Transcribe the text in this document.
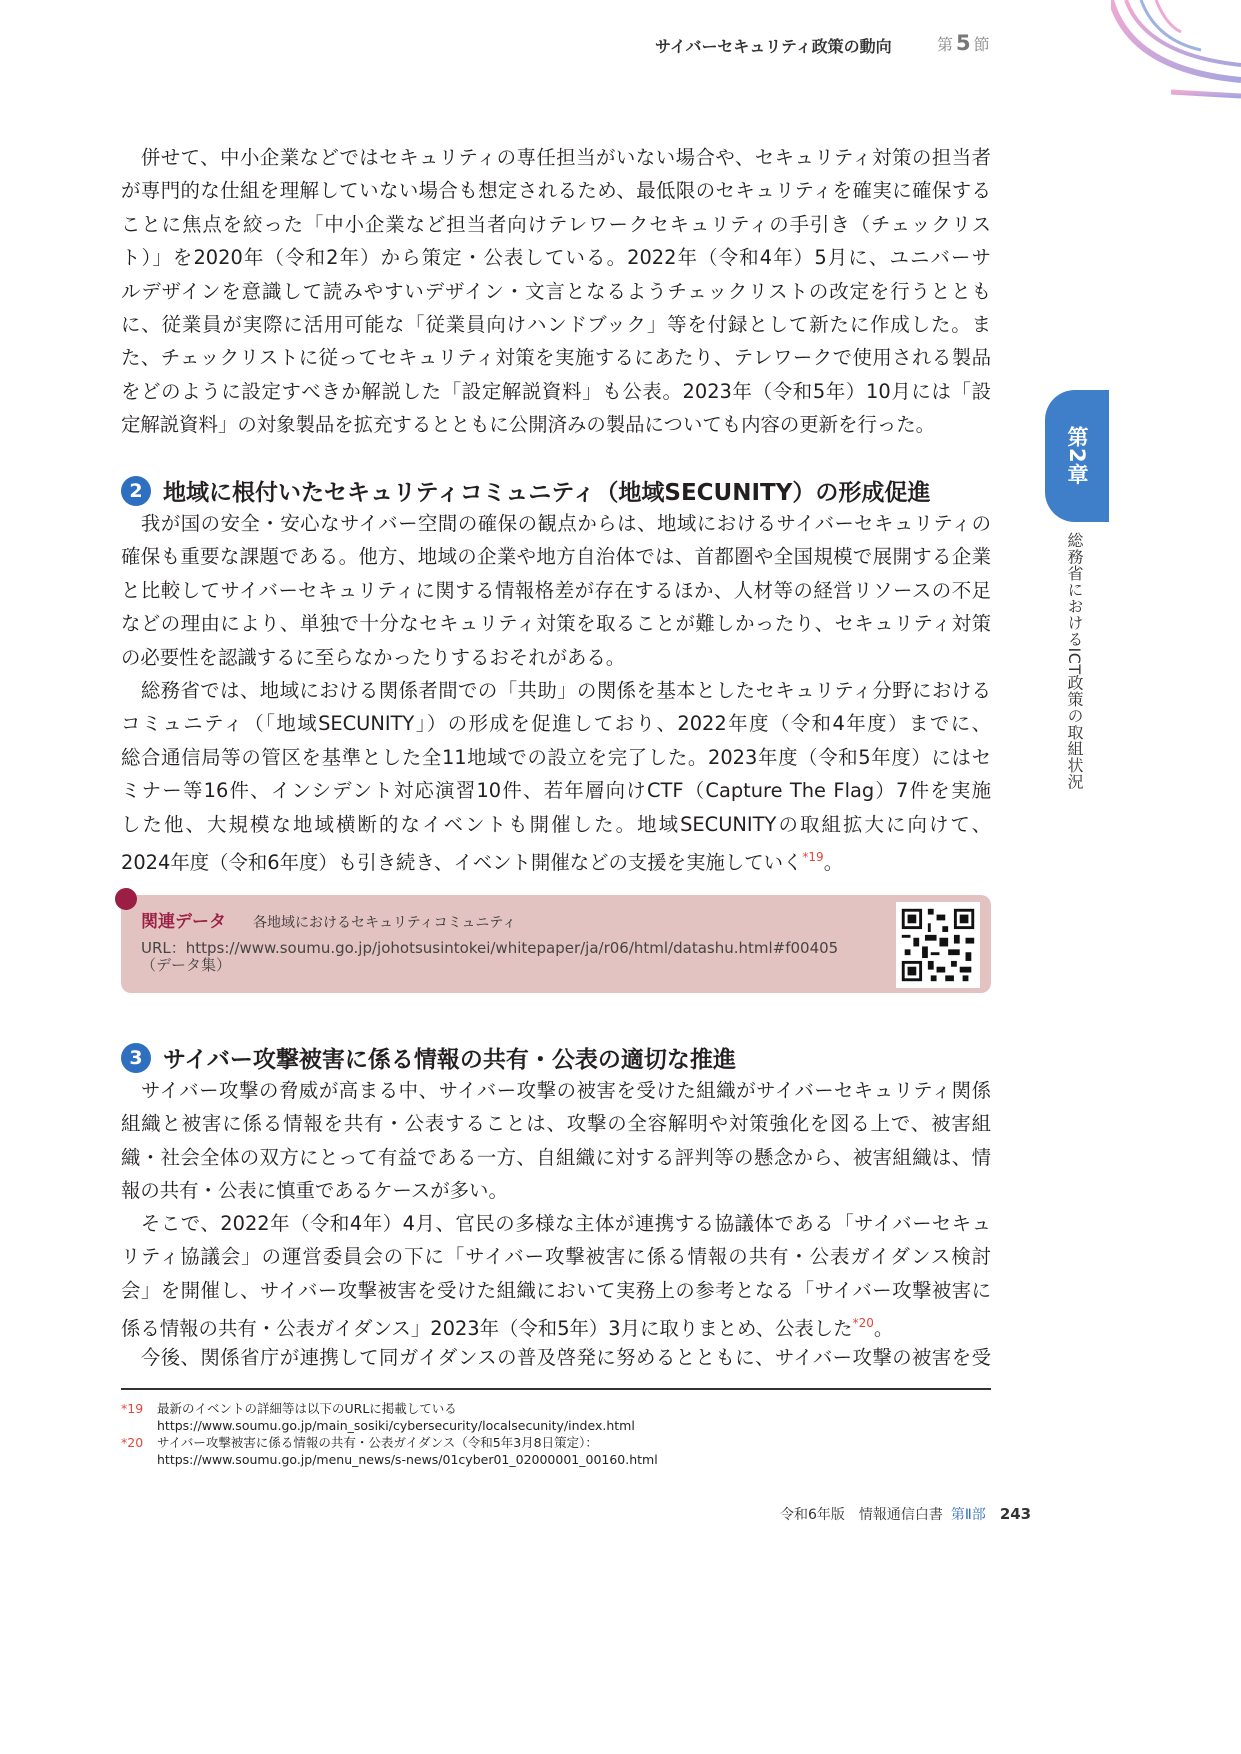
サイバーセキュリティ政策の動向	第 5 節
第2章
総務省におけるICT政策の取組状況
　併せて、中小企業などではセキュリティの専任担当がいない場合や、セキュリティ対策の担当者
が専門的な仕組を理解していない場合も想定されるため、最低限のセキュリティを確実に確保する
ことに焦点を絞った「中小企業など担当者向けテレワークセキュリティの手引き（チェックリス
ト）」を2020年（令和2年）から策定・公表している。2022年（令和4年）5月に、ユニバーサ
ルデザインを意識して読みやすいデザイン・文言となるようチェックリストの改定を行うととも
に、従業員が実際に活用可能な「従業員向けハンドブック」等を付録として新たに作成した。ま
た、チェックリストに従ってセキュリティ対策を実施するにあたり、テレワークで使用される製品
をどのように設定すべきか解説した「設定解説資料」も公表。2023年（令和5年）10月には「設
定解説資料」の対象製品を拡充するとともに公開済みの製品についても内容の更新を行った。
2 地域に根付いたセキュリティコミュニティ（地域SECUNITY）の形成促進
　我が国の安全・安心なサイバー空間の確保の観点からは、地域におけるサイバーセキュリティの
確保も重要な課題である。他方、地域の企業や地方自治体では、首都圏や全国規模で展開する企業
と比較してサイバーセキュリティに関する情報格差が存在するほか、人材等の経営リソースの不足
などの理由により、単独で十分なセキュリティ対策を取ることが難しかったり、セキュリティ対策
の必要性を認識するに至らなかったりするおそれがある。
　総務省では、地域における関係者間での「共助」の関係を基本としたセキュリティ分野における
コミュニティ（「地域SECUNITY」）の形成を促進しており、2022年度（令和4年度）までに、
総合通信局等の管区を基準とした全11地域での設立を完了した。2023年度（令和5年度）にはセ
ミナー等16件、インシデント対応演習10件、若年層向けCTF（Capture The Flag）7件を実施
した他、大規模な地域横断的なイベントも開催した。地域SECUNITYの取組拡大に向けて、
2024年度（令和6年度）も引き続き、イベント開催などの支援を実施していく$^{*19}$。
関連データ 各地域におけるセキュリティコミュニティ
URL：https://www.soumu.go.jp/johotsusintokei/whitepaper/ja/r06/html/datashu.html#f00405
（データ集）
3 サイバー攻撃被害に係る情報の共有・公表の適切な推進
　サイバー攻撃の脅威が高まる中、サイバー攻撃の被害を受けた組織がサイバーセキュリティ関係
組織と被害に係る情報を共有・公表することは、攻撃の全容解明や対策強化を図る上で、被害組
織・社会全体の双方にとって有益である一方、自組織に対する評判等の懸念から、被害組織は、情
報の共有・公表に慎重であるケースが多い。
　そこで、2022年（令和4年）4月、官民の多様な主体が連携する協議体である「サイバーセキュ
リティ協議会」の運営委員会の下に「サイバー攻撃被害に係る情報の共有・公表ガイダンス検討
会」を開催し、サイバー攻撃被害を受けた組織において実務上の参考となる「サイバー攻撃被害に
係る情報の共有・公表ガイダンス」2023年（令和5年）3月に取りまとめ、公表した$^{*20}$。
　今後、関係省庁が連携して同ガイダンスの普及啓発に努めるとともに、サイバー攻撃の被害を受
*19 最新のイベントの詳細等は以下のURLに掲載している
https://www.soumu.go.jp/main_sosiki/cybersecurity/localsecunity/index.html
*20 サイバー攻撃被害に係る情報の共有・公表ガイダンス（令和5年3月8日策定）：
https://www.soumu.go.jp/menu_news/s-news/01cyber01_02000001_00160.html
令和6年版　情報通信白書 第Ⅱ部 243
